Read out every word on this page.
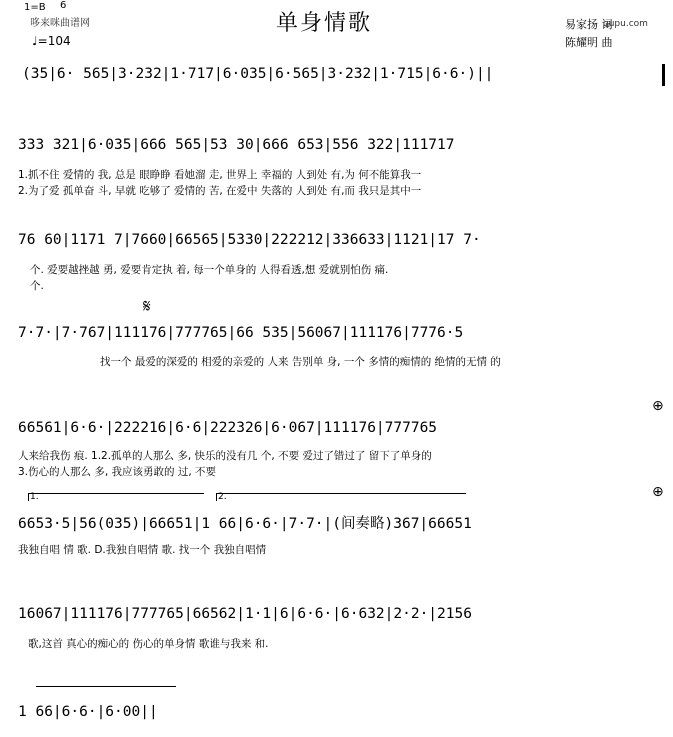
1=B 6
哆来咪曲谱网
♩=104
单身情歌	易家扬 词
qupu.com
陈耀明 曲
(35|6· 565|3·232|1·717|6·035|6·565|3·232|1·715|6·6·)||
333 321|6·035|666 565|53 30|666 653|556 322|111717
1.抓不住 爱情的 我, 总是 眼睁睁 看她溜 走, 世界上 幸福的 人到处 有,为 何不能算我一
2.为了爱 孤单奋 斗, 早就 吃够了 爱情的 苦, 在爱中 失落的 人到处 有,而 我只是其中一
76 60|1171 7|7660|66565|5330|222212|336633|1121|17 7·
个. 爱要越挫越 勇, 爱要肯定执 着, 每一个单身的 人得看透,想 爱就别怕伤 痛.
个.
𝄋
7·7·|7·767|111176|777765|66 535|56067|111176|7776·5
找一个 最爱的深爱的 相爱的亲爱的 人来 告别单 身, 一个 多情的痴情的 绝情的无情 的
⊕
66561|6·6·|222216|6·6|222326|6·067|111176|777765
人来给我伤 痕. 1.2.孤单的人那么 多, 快乐的没有几 个, 不要 爱过了错过了 留下了单身的
3.伤心的人那么 多, 我应该勇敢的 过, 不要
1.	2.	⊕
6653·5|56(035)|66651|1 66|6·6·|7·7·|(间奏略)367|66651
我独自唱 情 歌. D.我独自唱情 歌. 找一个 我独自唱情
16067|111176|777765|66562|1·1|6|6·6·|6·632|2·2·|2156
歌,这首 真心的痴心的 伤心的单身情 歌谁与我来 和.
1 66|6·6·|6·00||
